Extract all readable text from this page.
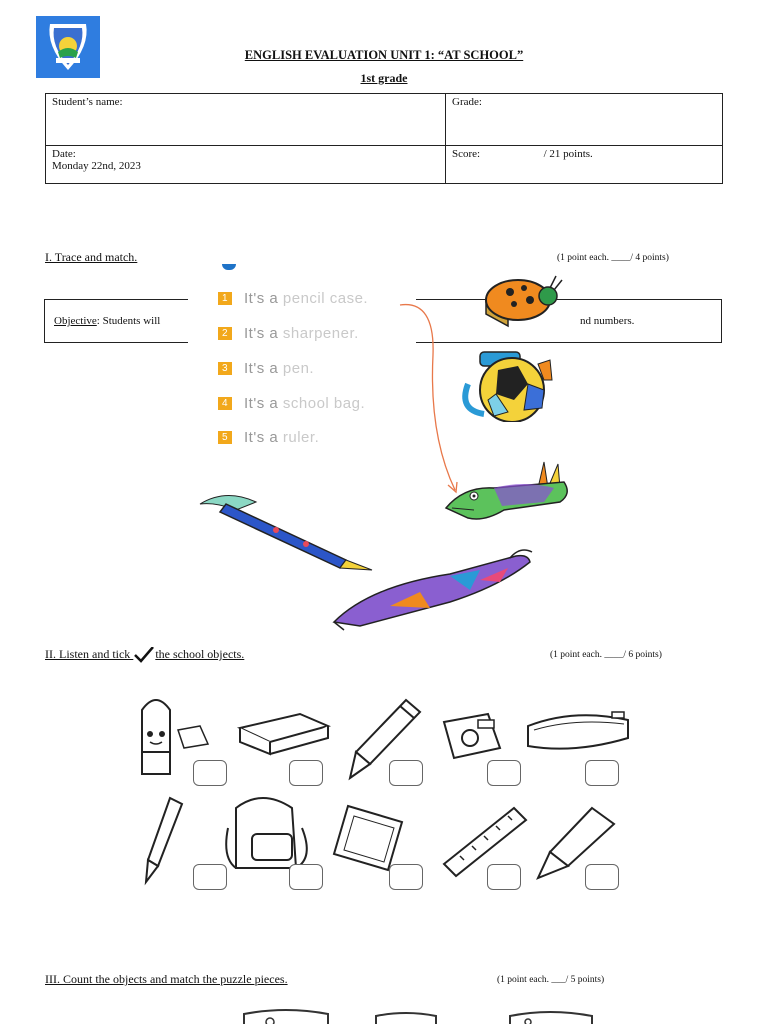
ENGLISH EVALUATION UNIT 1: “AT SCHOOL”
1st grade
Student’s name:	Grade:

Date:
Monday 22nd, 2023	Score: / 21 points.
I. Trace and match.	(1 point each. ____/ 4 points)
Objective: Students will	nd numbers.
1 It's a pencil case.
2 It's a sharpener.
3 It's a pen.
4 It's a school bag.
5 It's a ruler.
II. Listen and tick the school objects.	(1 point each. ____/ 6 points)
III. Count the objects and match the puzzle pieces.	(1 point each. ___/ 5 points)
